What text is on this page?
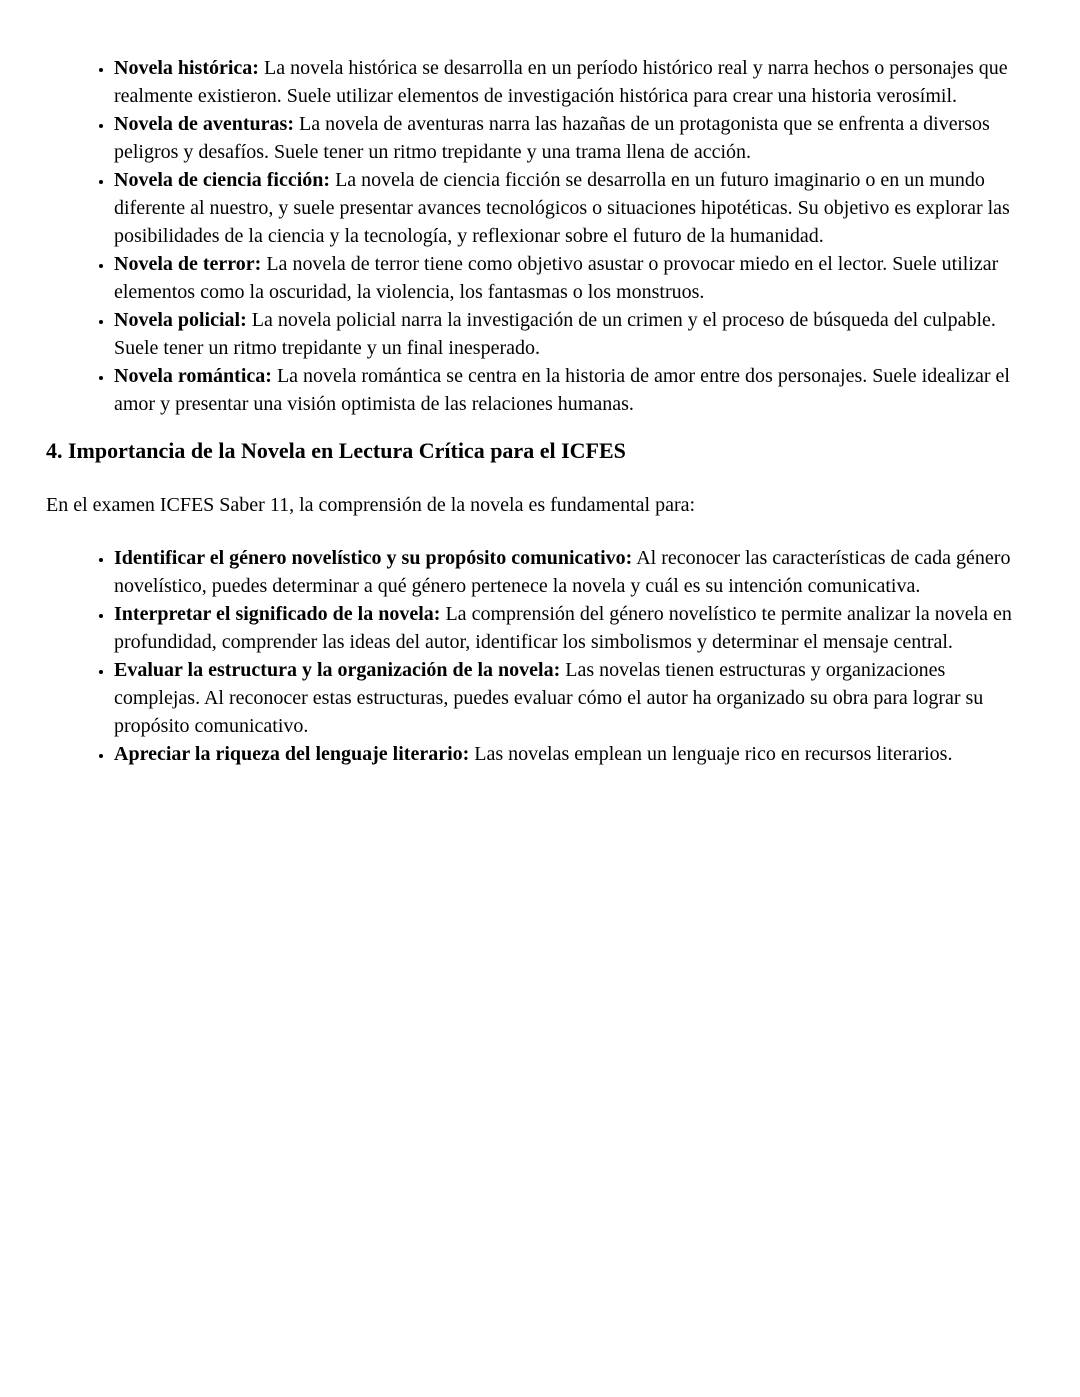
• Novela histórica: La novela histórica se desarrolla en un período histórico real y narra hechos o personajes que realmente existieron. Suele utilizar elementos de investigación histórica para crear una historia verosímil.
• Novela de aventuras: La novela de aventuras narra las hazañas de un protagonista que se enfrenta a diversos peligros y desafíos. Suele tener un ritmo trepidante y una trama llena de acción.
• Novela de ciencia ficción: La novela de ciencia ficción se desarrolla en un futuro imaginario o en un mundo diferente al nuestro, y suele presentar avances tecnológicos o situaciones hipotéticas. Su objetivo es explorar las posibilidades de la ciencia y la tecnología, y reflexionar sobre el futuro de la humanidad.
• Novela de terror: La novela de terror tiene como objetivo asustar o provocar miedo en el lector. Suele utilizar elementos como la oscuridad, la violencia, los fantasmas o los monstruos.
• Novela policial: La novela policial narra la investigación de un crimen y el proceso de búsqueda del culpable. Suele tener un ritmo trepidante y un final inesperado.
• Novela romántica: La novela romántica se centra en la historia de amor entre dos personajes. Suele idealizar el amor y presentar una visión optimista de las relaciones humanas.
4. Importancia de la Novela en Lectura Crítica para el ICFES

En el examen ICFES Saber 11, la comprensión de la novela es fundamental para:

• Identificar el género novelístico y su propósito comunicativo: Al reconocer las características de cada género novelístico, puedes determinar a qué género pertenece la novela y cuál es su intención comunicativa.
• Interpretar el significado de la novela: La comprensión del género novelístico te permite analizar la novela en profundidad, comprender las ideas del autor, identificar los simbolismos y determinar el mensaje central.
• Evaluar la estructura y la organización de la novela: Las novelas tienen estructuras y organizaciones complejas. Al reconocer estas estructuras, puedes evaluar cómo el autor ha organizado su obra para lograr su propósito comunicativo.
• Apreciar la riqueza del lenguaje literario: Las novelas emplean un lenguaje rico en recursos literarios.
